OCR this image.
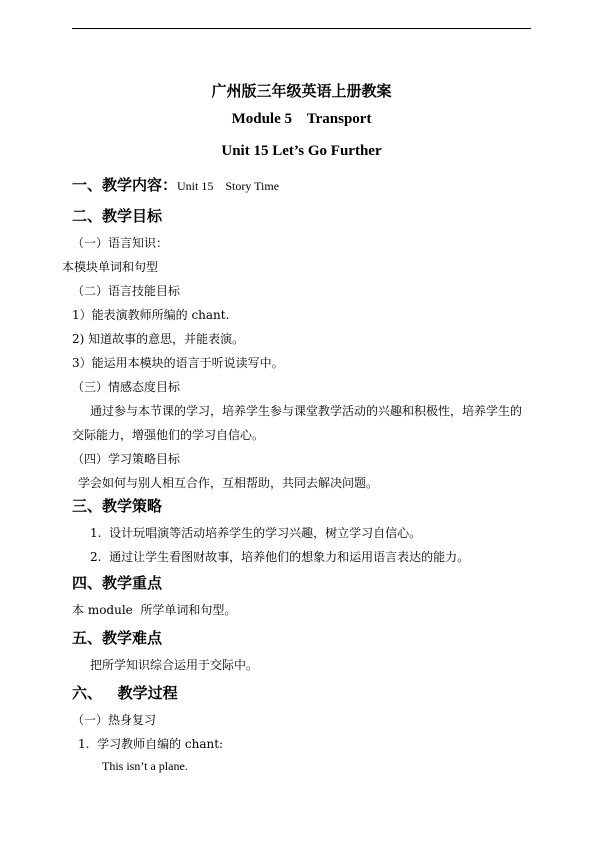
广州版三年级英语上册教案
Module 5    Transport
Unit 15 Let’s Go Further
一、教学内容：Unit 15    Story Time
二、教学目标
（一）语言知识：
本模块单词和句型
（二）语言技能目标
1）能表演教师所编的 chant.
2) 知道故事的意思，并能表演。
3）能运用本模块的语言于听说读写中。
（三）情感态度目标
通过参与本节课的学习，培养学生参与课堂教学活动的兴趣和积极性，培养学生的
交际能力，增强他们的学习自信心。
（四）学习策略目标
学会如何与别人相互合作，互相帮助，共同去解决问题。
三、教学策略
1.  设计玩唱演等活动培养学生的学习兴趣，树立学习自信心。
2.  通过让学生看图财故事，培养他们的想象力和运用语言表达的能力。
四、教学重点
本 module  所学单词和句型。
五、教学难点
把所学知识综合运用于交际中。
六、   教学过程
（一）热身复习
1.  学习教师自编的 chant:
This isn’t a plane.
